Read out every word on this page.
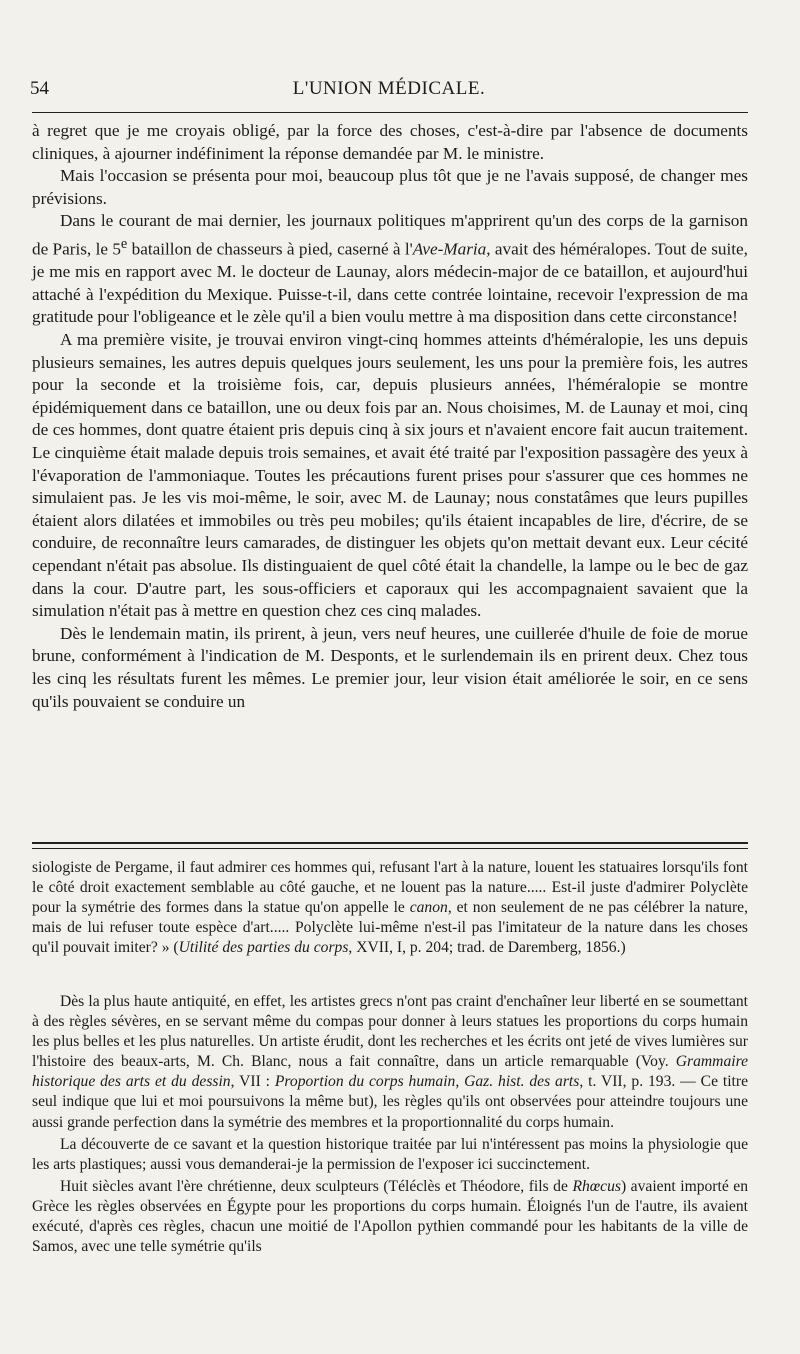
54	L'UNION MÉDICALE.

à regret que je me croyais obligé, par la force des choses, c'est-à-dire par l'absence de documents cliniques, à ajourner indéfiniment la réponse demandée par M. le ministre.

Mais l'occasion se présenta pour moi, beaucoup plus tôt que je ne l'avais supposé, de changer mes prévisions.

Dans le courant de mai dernier, les journaux politiques m'apprirent qu'un des corps de la garnison de Paris, le 5e bataillon de chasseurs à pied, caserné à l'Ave-Maria, avait des héméralopes. Tout de suite, je me mis en rapport avec M. le docteur de Launay, alors médecin-major de ce bataillon, et aujourd'hui attaché à l'expédition du Mexique. Puisse-t-il, dans cette contrée lointaine, recevoir l'expression de ma gratitude pour l'obligeance et le zèle qu'il a bien voulu mettre à ma disposition dans cette circonstance!

A ma première visite, je trouvai environ vingt-cinq hommes atteints d'héméralopie, les uns depuis plusieurs semaines, les autres depuis quelques jours seulement, les uns pour la première fois, les autres pour la seconde et la troisième fois, car, depuis plusieurs années, l'héméralopie se montre épidémiquement dans ce bataillon, une ou deux fois par an. Nous choisimes, M. de Launay et moi, cinq de ces hommes, dont quatre étaient pris depuis cinq à six jours et n'avaient encore fait aucun traitement. Le cinquième était malade depuis trois semaines, et avait été traité par l'exposition passagère des yeux à l'évaporation de l'ammoniaque. Toutes les précautions furent prises pour s'assurer que ces hommes ne simulaient pas. Je les vis moi-même, le soir, avec M. de Launay; nous constatâmes que leurs pupilles étaient alors dilatées et immobiles ou très peu mobiles; qu'ils étaient incapables de lire, d'écrire, de se conduire, de reconnaître leurs camarades, de distinguer les objets qu'on mettait devant eux. Leur cécité cependant n'était pas absolue. Ils distinguaient de quel côté était la chandelle, la lampe ou le bec de gaz dans la cour. D'autre part, les sous-officiers et caporaux qui les accompagnaient savaient que la simulation n'était pas à mettre en question chez ces cinq malades.

Dès le lendemain matin, ils prirent, à jeun, vers neuf heures, une cuillerée d'huile de foie de morue brune, conformément à l'indication de M. Desponts, et le surlendemain ils en prirent deux. Chez tous les cinq les résultats furent les mêmes. Le premier jour, leur vision était améliorée le soir, en ce sens qu'ils pouvaient se conduire un

siologiste de Pergame, il faut admirer ces hommes qui, refusant l'art à la nature, louent les statuaires lorsqu'ils font le côté droit exactement semblable au côté gauche, et ne louent pas la nature..... Est-il juste d'admirer Polyclète pour la symétrie des formes dans la statue qu'on appelle le canon, et non seulement de ne pas célébrer la nature, mais de lui refuser toute espèce d'art..... Polyclète lui-même n'est-il pas l'imitateur de la nature dans les choses qu'il pouvait imiter? » (Utilité des parties du corps, XVII, I, p. 204; trad. de Daremberg, 1856.)

Dès la plus haute antiquité, en effet, les artistes grecs n'ont pas craint d'enchaîner leur liberté en se soumettant à des règles sévères, en se servant même du compas pour donner à leurs statues les proportions du corps humain les plus belles et les plus naturelles. Un artiste érudit, dont les recherches et les écrits ont jeté de vives lumières sur l'histoire des beaux-arts, M. Ch. Blanc, nous a fait connaître, dans un article remarquable (Voy. Grammaire historique des arts et du dessin, VII : Proportion du corps humain, Gaz. hist. des arts, t. VII, p. 193. — Ce titre seul indique que lui et moi poursuivons la même but), les règles qu'ils ont observées pour atteindre toujours une aussi grande perfection dans la symétrie des membres et la proportionnalité du corps humain.

La découverte de ce savant et la question historique traitée par lui n'intéressent pas moins la physiologie que les arts plastiques; aussi vous demanderai-je la permission de l'exposer ici succinctement.

Huit siècles avant l'ère chrétienne, deux sculpteurs (Téléclès et Théodore, fils de Rhœcus) avaient importé en Grèce les règles observées en Égypte pour les proportions du corps humain. Éloignés l'un de l'autre, ils avaient exécuté, d'après ces règles, chacun une moitié de l'Apollon pythien commandé pour les habitants de la ville de Samos, avec une telle symétrie qu'ils
